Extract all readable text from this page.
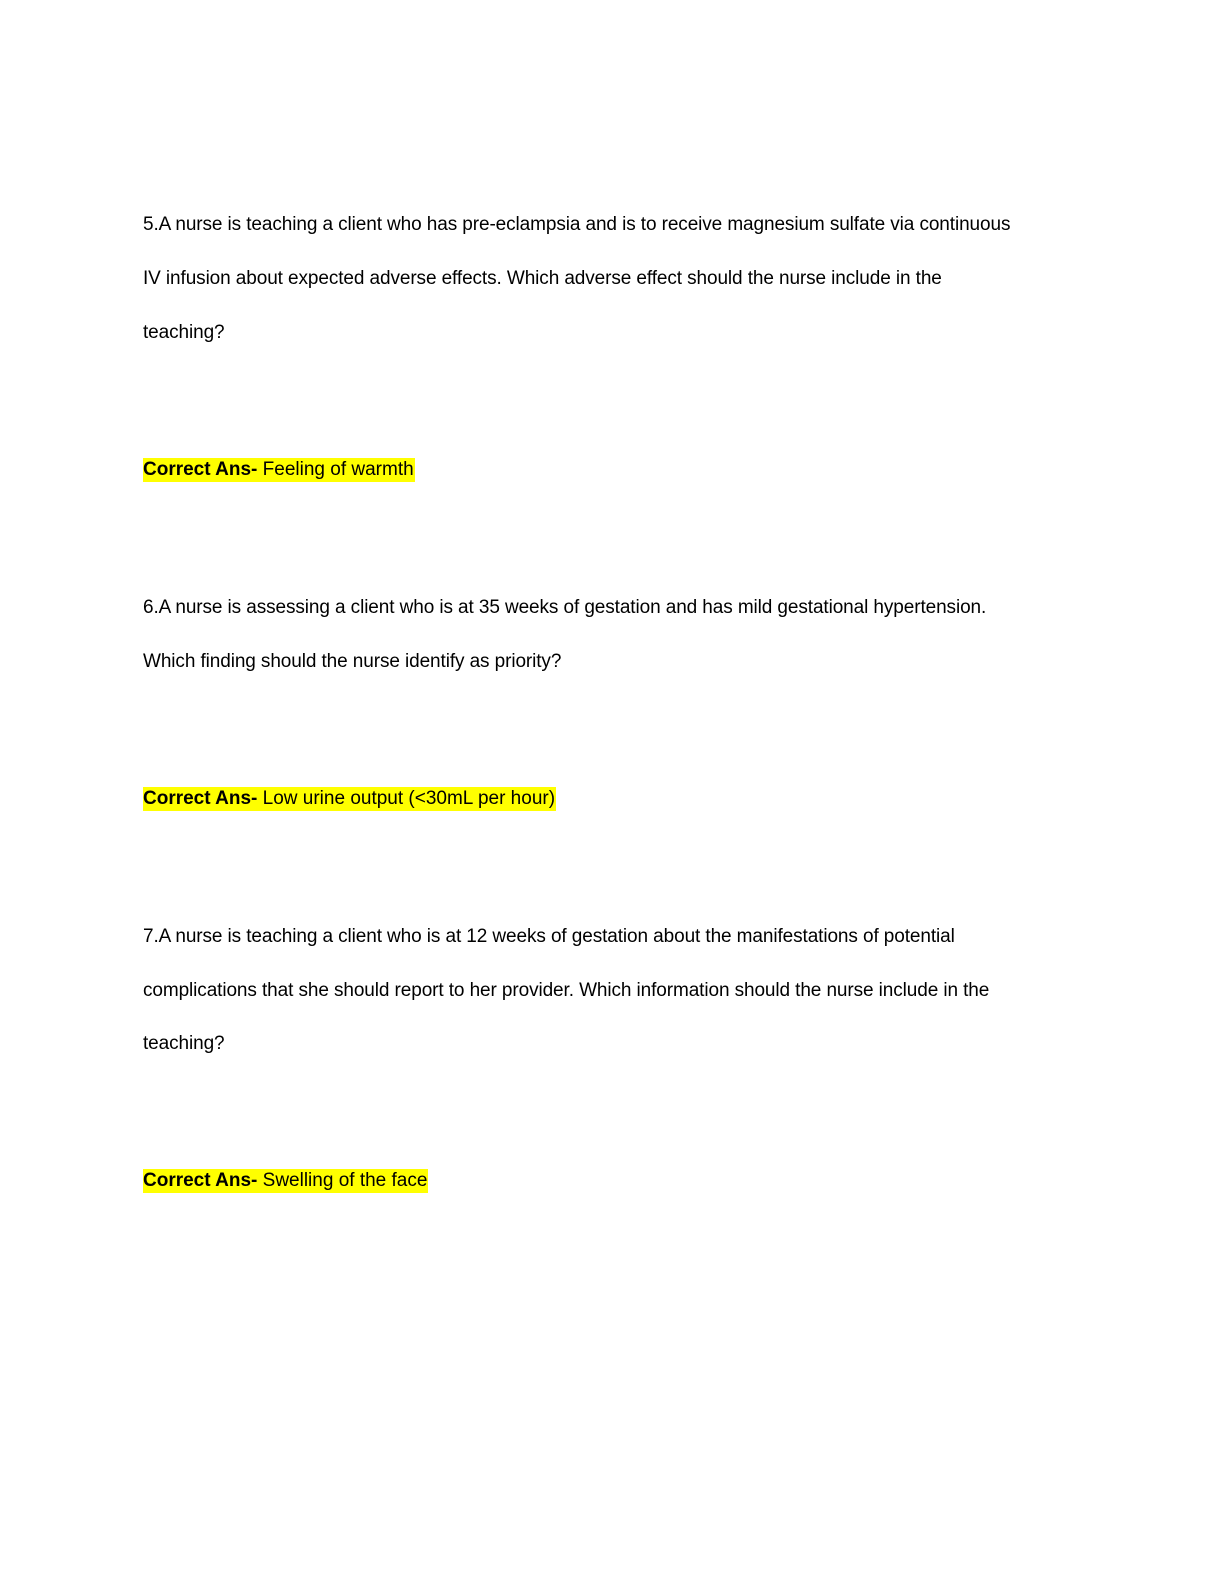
5.A nurse is teaching a client who has pre-eclampsia and is to receive magnesium sulfate via continuous
IV infusion about expected adverse effects. Which adverse effect should the nurse include in the
teaching?
Correct Ans- Feeling of warmth
6.A nurse is assessing a client who is at 35 weeks of gestation and has mild gestational hypertension.
Which finding should the nurse identify as priority?
Correct Ans- Low urine output (<30mL per hour)
7.A nurse is teaching a client who is at 12 weeks of gestation about the manifestations of potential
complications that she should report to her provider. Which information should the nurse include in the
teaching?
Correct Ans- Swelling of the face
